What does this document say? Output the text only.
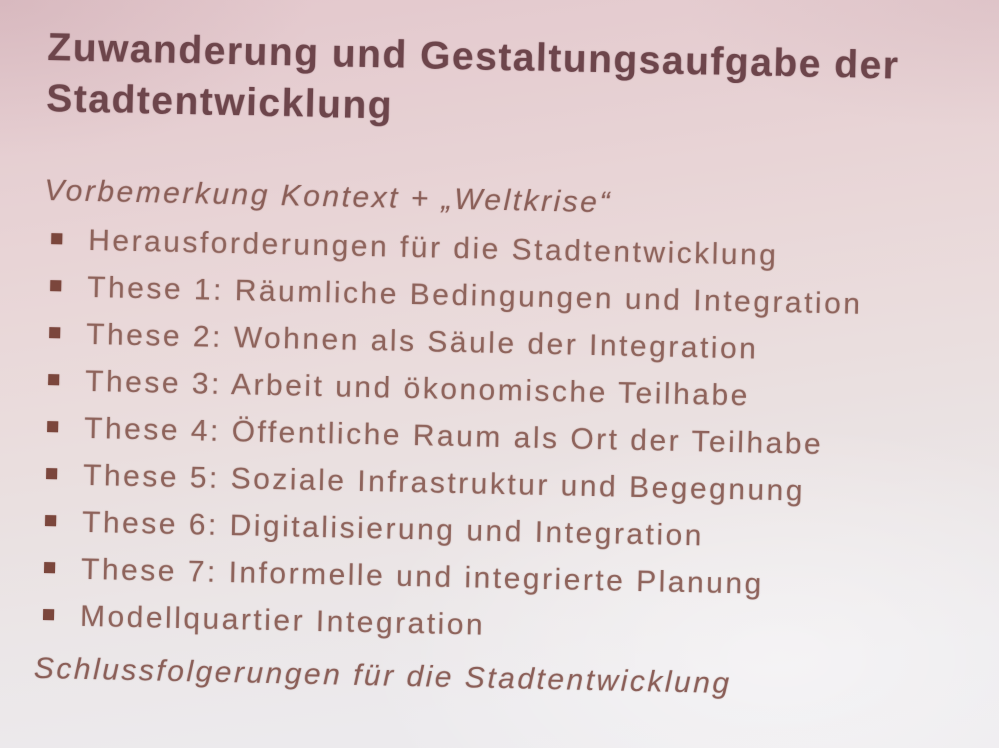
Zuwanderung und Gestaltungsaufgabe der Stadtentwicklung
Vorbemerkung Kontext + „Weltkrise“
Herausforderungen für die Stadtentwicklung
These 1: Räumliche Bedingungen und Integration
These 2: Wohnen als Säule der Integration
These 3: Arbeit und ökonomische Teilhabe
These 4: Öffentliche Raum als Ort der Teilhabe
These 5: Soziale Infrastruktur und Begegnung
These 6: Digitalisierung und Integration
These 7: Informelle und integrierte Planung
Modellquartier Integration
Schlussfolgerungen für die Stadtentwicklung
